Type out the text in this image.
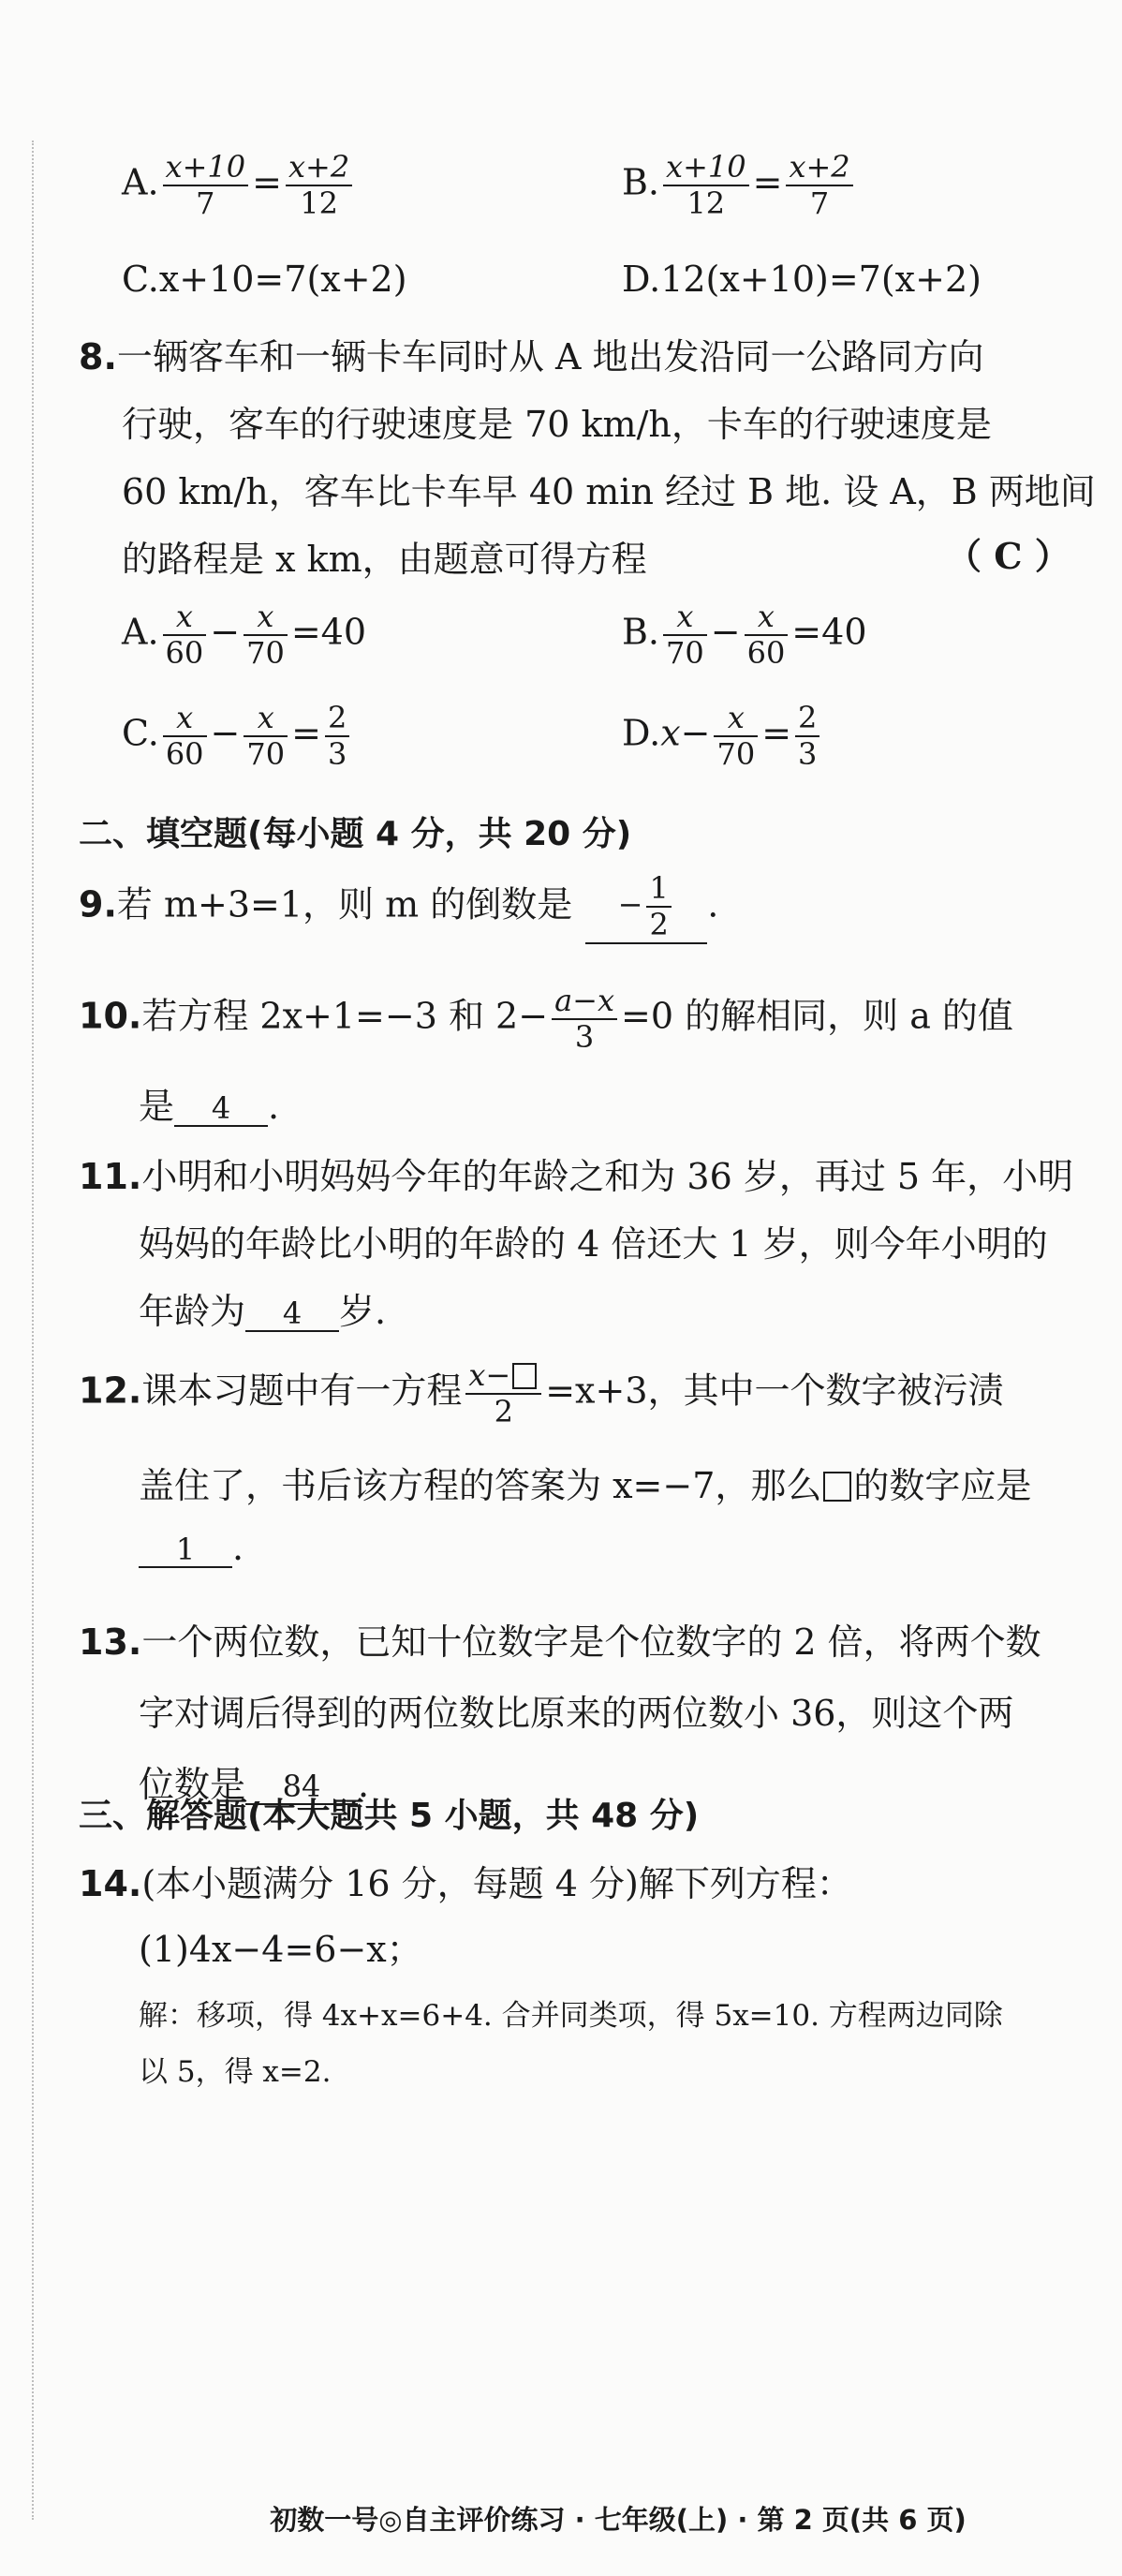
A. $\frac{x+10}{7} = \frac{x+2}{12}$	B. $\frac{x+10}{12} = \frac{x+2}{7}$
C.x+10=7(x+2)	D.12(x+10)=7(x+2)
8.一辆客车和一辆卡车同时从 A 地出发沿同一公路同方向
行驶，客车的行驶速度是 70 km/h，卡车的行驶速度是
60 km/h，客车比卡车早 40 min 经过 B 地. 设 A，B 两地间
的路程是 x km，由题意可得方程	（ C ）
A. $\frac{x}{60} - \frac{x}{70} =40$	B. $\frac{x}{70} - \frac{x}{60} =40$
C. $\frac{x}{60} - \frac{x}{70} = \frac{2}{3}$	$D.x- \frac{x}{70} = \frac{2}{3}$
二、填空题(每小题 4 分，共 20 分)
9.若 m+3=1，则 m 的倒数是 − $\frac{1}{2}$ .
10.若方程 2x+1=−3 和 $2- \frac{a-x}{3} =0$ 的解相同，则 a 的值
是 4 .
11.小明和小明妈妈今年的年龄之和为 36 岁，再过 5 年，小明
妈妈的年龄比小明的年龄的 4 倍还大 1 岁，则今年小明的
年龄为 4 岁.
12.课本习题中有一方程 $\frac{x-}{2} =x+3$，其中一个数字被污渍
盖住了，书后该方程的答案为 x=−7，那么 的数字应是
1 .
13.一个两位数，已知十位数字是个位数字的 2 倍，将两个数
字对调后得到的两位数比原来的两位数小 36，则这个两
位数是 84 .
三、解答题(本大题共 5 小题，共 48 分)
14.(本小题满分 16 分，每题 4 分)解下列方程：
(1)4x−4=6−x；
解：移项，得 4x+x=6+4. 合并同类项，得 5x=10. 方程两边同除
以 5，得 x=2.
初数一号◎自主评价练习 · 七年级(上) · 第 2 页(共 6 页)
